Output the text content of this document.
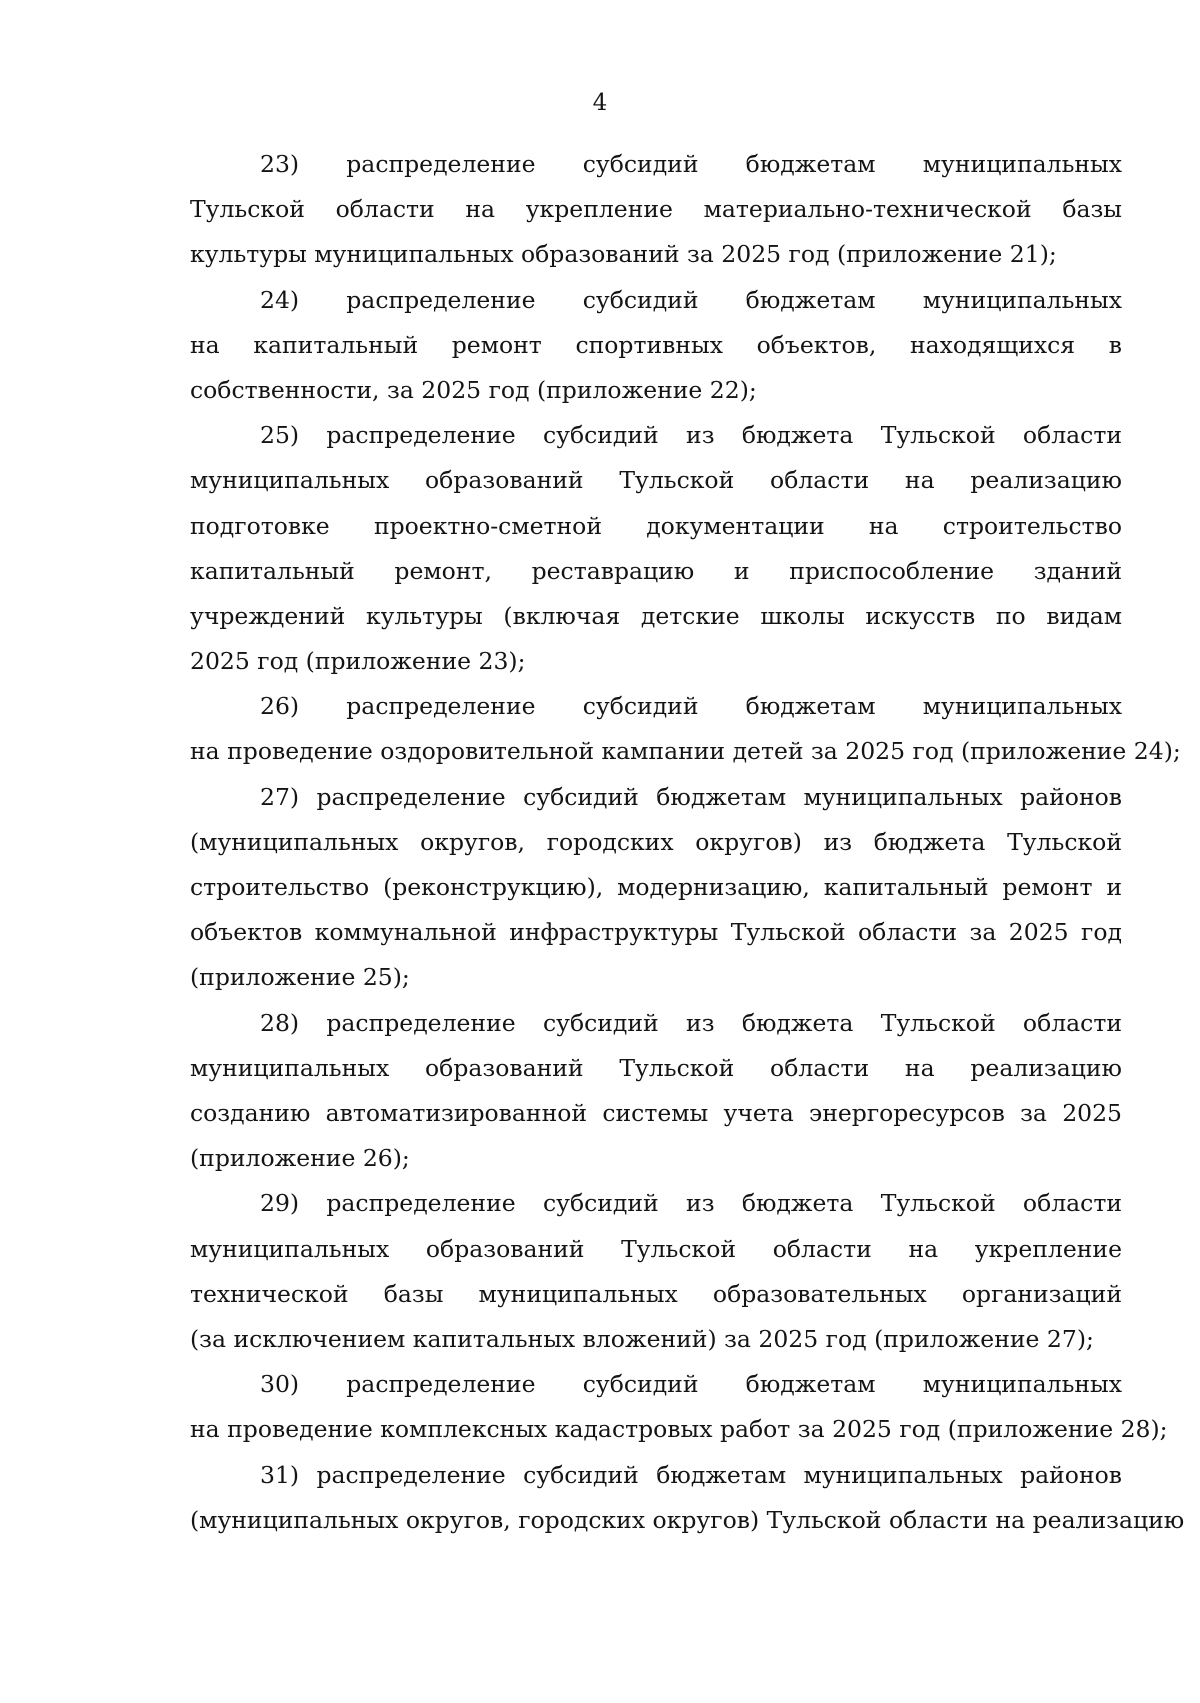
4

23) распределение субсидий бюджетам муниципальных
Тульской области на укрепление материально-технической базы
культуры муниципальных образований за 2025 год (приложение 21);

24) распределение субсидий бюджетам муниципальных
на капитальный ремонт спортивных объектов, находящихся в
собственности, за 2025 год (приложение 22);

25) распределение субсидий из бюджета Тульской области
муниципальных образований Тульской области на реализацию
подготовке проектно-сметной документации на строительство
капитальный ремонт, реставрацию и приспособление зданий
учреждений культуры (включая детские школы искусств по видам
2025 год (приложение 23);

26) распределение субсидий бюджетам муниципальных
на проведение оздоровительной кампании детей за 2025 год (приложение 24);

27) распределение субсидий бюджетам муниципальных районов
(муниципальных округов, городских округов) из бюджета Тульской
строительство (реконструкцию), модернизацию, капитальный ремонт и
объектов коммунальной инфраструктуры Тульской области за 2025 год
(приложение 25);

28) распределение субсидий из бюджета Тульской области
муниципальных образований Тульской области на реализацию
созданию автоматизированной системы учета энергоресурсов за 2025
(приложение 26);

29) распределение субсидий из бюджета Тульской области
муниципальных образований Тульской области на укрепление
технической базы муниципальных образовательных организаций
(за исключением капитальных вложений) за 2025 год (приложение 27);

30) распределение субсидий бюджетам муниципальных
на проведение комплексных кадастровых работ за 2025 год (приложение 28);

31) распределение субсидий бюджетам муниципальных районов
(муниципальных округов, городских округов) Тульской области на реализацию
